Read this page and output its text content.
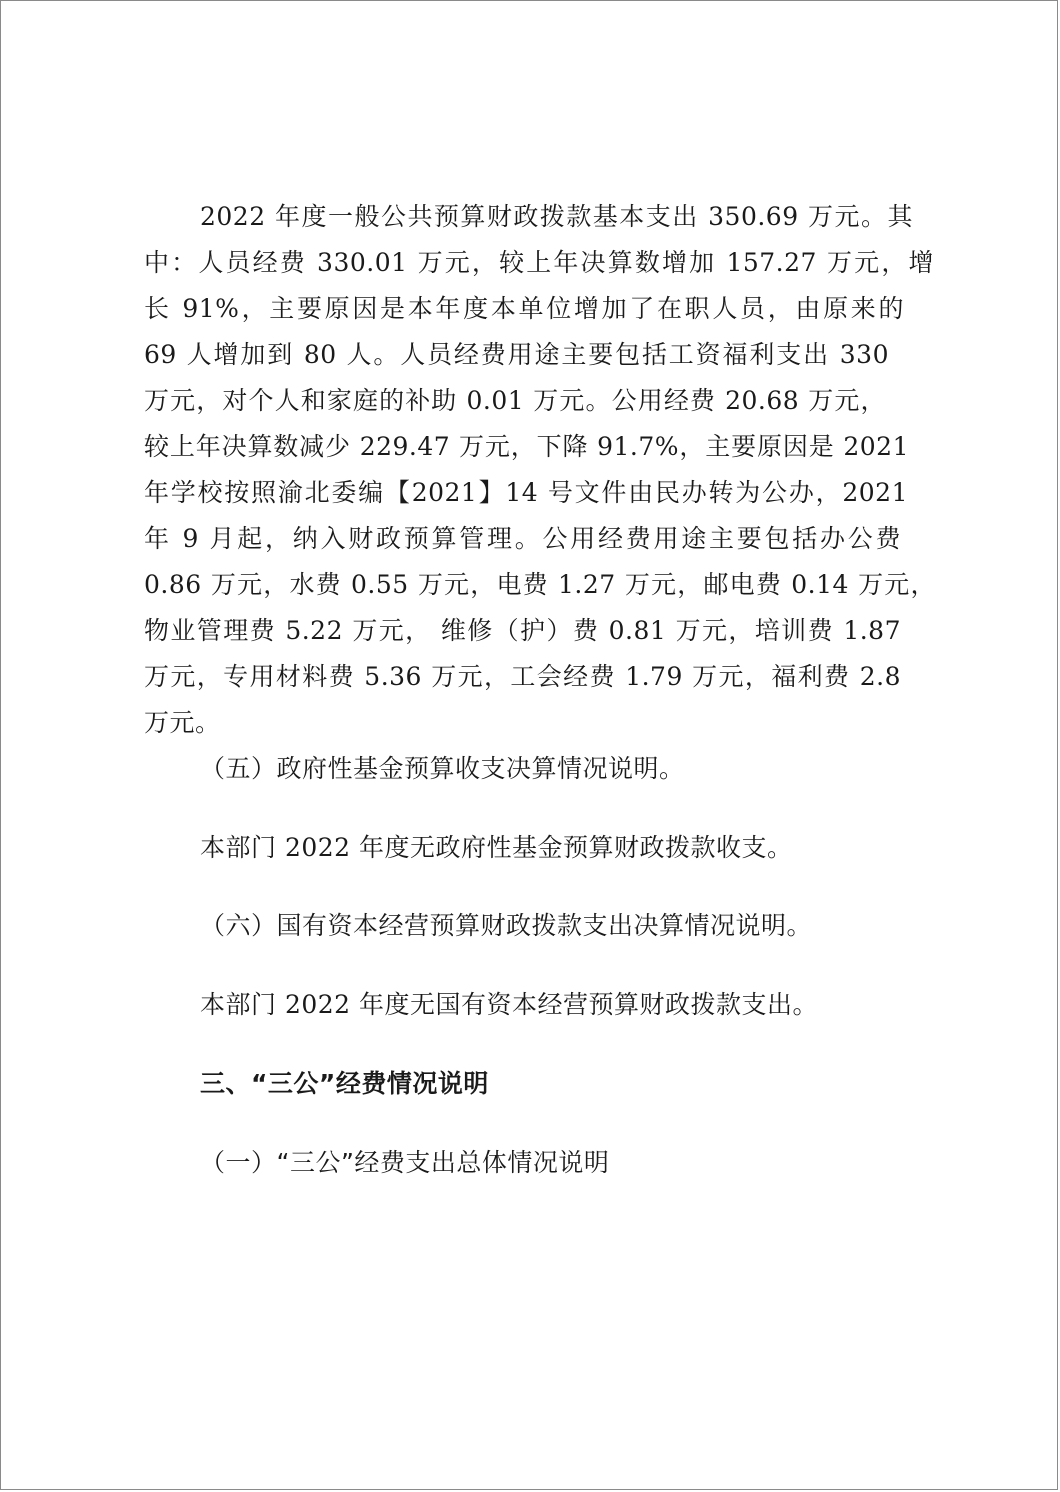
2022 年度一般公共预算财政拨款基本支出 350.69 万元。其
中：人员经费 330.01 万元，较上年决算数增加 157.27 万元，增
长 91%，主要原因是本年度本单位增加了在职人员，由原来的
69 人增加到 80 人。人员经费用途主要包括工资福利支出 330
万元，对个人和家庭的补助 0.01 万元。公用经费 20.68 万元，
较上年决算数减少 229.47 万元，下降 91.7%，主要原因是 2021
年学校按照渝北委编【2021】14 号文件由民办转为公办，2021
年 9 月起，纳入财政预算管理。公用经费用途主要包括办公费
0.86 万元，水费 0.55 万元，电费 1.27 万元，邮电费 0.14 万元，
物业管理费 5.22 万元， 维修（护）费 0.81 万元，培训费 1.87
万元，专用材料费 5.36 万元，工会经费 1.79 万元，福利费 2.8
万元。
（五）政府性基金预算收支决算情况说明。
本部门 2022 年度无政府性基金预算财政拨款收支。
（六）国有资本经营预算财政拨款支出决算情况说明。
本部门 2022 年度无国有资本经营预算财政拨款支出。
三、“三公”经费情况说明
（一）“三公”经费支出总体情况说明
